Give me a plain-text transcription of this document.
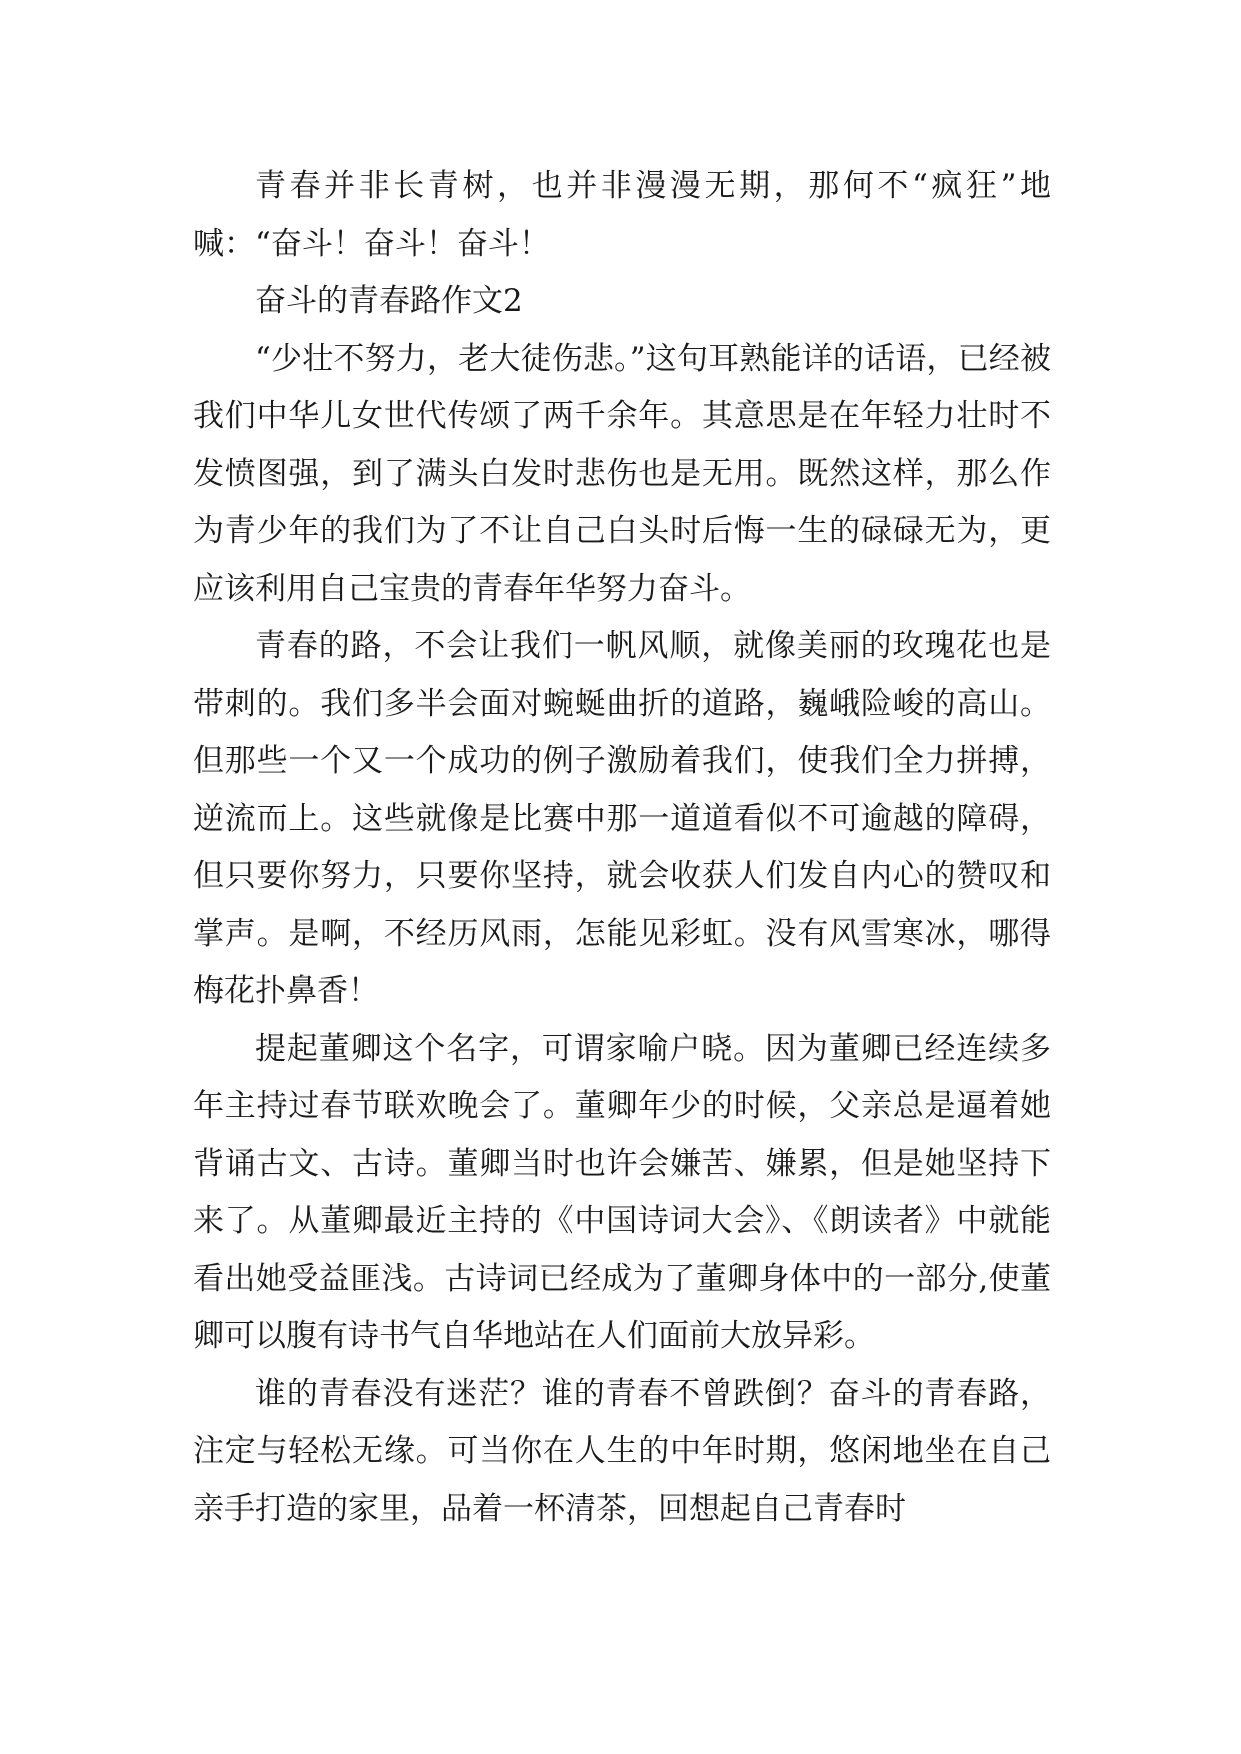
青春并非长青树，也并非漫漫无期，那何不“疯狂”地喊：“奋斗！奋斗！奋斗！

奋斗的青春路作文2

“少壮不努力，老大徒伤悲。”这句耳熟能详的话语，已经被我们中华儿女世代传颂了两千余年。其意思是在年轻力壮时不发愤图强，到了满头白发时悲伤也是无用。既然这样，那么作为青少年的我们为了不让自己白头时后悔一生的碌碌无为，更应该利用自己宝贵的青春年华努力奋斗。

青春的路，不会让我们一帆风顺，就像美丽的玫瑰花也是带刺的。我们多半会面对蜿蜒曲折的道路，巍峨险峻的高山。但那些一个又一个成功的例子激励着我们，使我们全力拼搏，逆流而上。这些就像是比赛中那一道道看似不可逾越的障碍，但只要你努力，只要你坚持，就会收获人们发自内心的赞叹和掌声。是啊，不经历风雨，怎能见彩虹。没有风雪寒冰，哪得梅花扑鼻香！

提起董卿这个名字，可谓家喻户晓。因为董卿已经连续多年主持过春节联欢晚会了。董卿年少的时候，父亲总是逼着她背诵古文、古诗。董卿当时也许会嫌苦、嫌累，但是她坚持下来了。从董卿最近主持的《中国诗词大会》、《朗读者》中就能看出她受益匪浅。古诗词已经成为了董卿身体中的一部分,使董卿可以腹有诗书气自华地站在人们面前大放异彩。

谁的青春没有迷茫？谁的青春不曾跌倒？奋斗的青春路，注定与轻松无缘。可当你在人生的中年时期，悠闲地坐在自己亲手打造的家里，品着一杯清茶，回想起自己青春时
